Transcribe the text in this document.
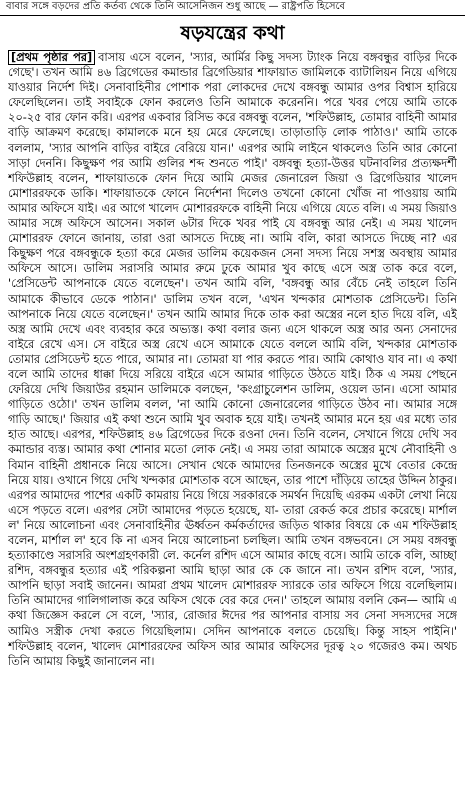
বাবার সঙ্গে বড়দের প্রতি কর্তব্য থেকে তিনি আসেনিজন শুধু আছে — রাষ্ট্রপতি হিসেবে
ষড়যন্ত্রের কথা

[প্রথম পৃষ্ঠার পর] বাসায় এসে বলেন, 'স্যার, আর্মির কিছু সদস্য ট্যাংক নিয়ে বঙ্গবন্ধুর বাড়ির দিকে গেছে'। তখন আমি ৪৬ ব্রিগেডের কমান্ডার ব্রিগেডিয়ার শাফায়াত জামিলকে ব্যাটালিয়ন নিয়ে এগিয়ে যাওয়ার নির্দেশ দিই। সেনাবাহিনীর পোশাক পরা লোকদের দেখে বঙ্গবন্ধু আমার ওপর বিশ্বাস হারিয়ে ফেলেছিলেন। তাই সবাইকে ফোন করলেও তিনি আমাকে করেননি। পরে খবর পেয়ে আমি তাকে ২০-২৫ বার ফোন করি। এরপর একবার রিসিভ করে বঙ্গবন্ধু বলেন, 'শফিউল্লাহ, তোমার বাহিনী আমার বাড়ি আক্রমণ করেছে। কামালকে মনে হয় মেরে ফেলেছে। তাড়াতাড়ি লোক পাঠাও।' আমি তাকে বললাম, 'স্যার আপনি বাড়ির বাইরে বেরিয়ে যান।' এরপর আমি লাইনে থাকলেও তিনি আর কোনো সাড়া দেননি। কিছুক্ষণ পর আমি গুলির শব্দ শুনতে পাই।' বঙ্গবন্ধু হত্যা-উত্তর ঘটনাবলির প্রত্যক্ষদর্শী শফিউল্লাহ বলেন, শাফায়াতকে ফোন দিয়ে আমি মেজর জেনারেল জিয়া ও ব্রিগেডিয়ার খালেদ মোশাররফকে ডাকি। শাফায়াতকে ফোনে নির্দেশনা দিলেও তখনো কোনো খোঁজ না পাওয়ায় আমি আমার অফিসে যাই। এর আগে খালেদ মোশাররফকে বাহিনী নিয়ে এগিয়ে যেতে বলি। এ সময় জিয়াও আমার সঙ্গে অফিসে আসেন। সকাল ৬টার দিকে খবর পাই যে বঙ্গবন্ধু আর নেই। এ সময় খালেদ মোশাররফ ফোনে জানায়, তারা ওরা আসতে দিচ্ছে না। আমি বলি, কারা আসতে দিচ্ছে না? এর কিছুক্ষণ পরে বঙ্গবন্ধুকে হত্যা করে মেজর ডালিম কয়েকজন সেনা সদস্য নিয়ে সশস্ত্র অবস্থায় আমার অফিসে আসে। ডালিম সরাসরি আমার রুমে ঢুকে আমার খুব কাছে এসে অস্ত্র তাক করে বলে, 'প্রেসিডেন্ট আপনাকে যেতে বলেছেন'। তখন আমি বলি, 'বঙ্গবন্ধু আর বেঁচে নেই তাহলে তিনি আমাকে কীভাবে ডেকে পাঠান।' ডালিম তখন বলে, 'এখন খন্দকার মোশতাক প্রেসিডেন্ট। তিনি আপনাকে নিয়ে যেতে বলেছেন।' তখন আমি আমার দিকে তাক করা অস্ত্রের নলে হাত দিয়ে বলি, এই অস্ত্র আমি দেখে এবং ব্যবহার করে অভ্যস্ত। কথা বলার জন্য এসে থাকলে অস্ত্র আর অন্য সেনাদের বাইরে রেখে এস। সে বাইরে অস্ত্র রেখে এসে আমাকে যেতে বললে আমি বলি, খন্দকার মোশতাক তোমার প্রেসিডেন্ট হতে পারে, আমার না। তোমরা যা পার করতে পার। আমি কোথাও যাব না। এ কথা বলে আমি তাদের ধাক্কা দিয়ে সরিয়ে বাইরে এসে আমার গাড়িতে উঠতে যাই। ঠিক এ সময় পেছনে ফেরিয়ে দেখি জিয়াউর রহমান ডালিমকে বলছেন, 'কংগ্রাচুলেশন ডালিম, ওয়েল ডান। এসো আমার গাড়িতে ওঠো।' তখন ডালিম বলল, 'না আমি কোনো জেনারেলের গাড়িতে উঠব না। আমার সঙ্গে গাড়ি আছে।' জিয়ার এই কথা শুনে আমি খুব অবাক হয়ে যাই। তখনই আমার মনে হয় এর মধ্যে তার হাত আছে। এরপর, শফিউল্লাহ ৪৬ ব্রিগেডের দিকে রওনা দেন। তিনি বলেন, সেখানে গিয়ে দেখি সব কমান্ডার ব্যস্ত। আমার কথা শোনার মতো লোক নেই। এ সময় তারা আমাকে অস্ত্রের মুখে নৌবাহিনী ও বিমান বাহিনী প্রধানকে নিয়ে আসে। সেখান থেকে আমাদের তিনজনকে অস্ত্রের মুখে বেতার কেন্দ্রে নিয়ে যায়। ওখানে গিয়ে দেখি খন্দকার মোশতাক বসে আছেন, তার পাশে দাঁড়িয়ে তাহের উদ্দিন ঠাকুর। এরপর আমাদের পাশের একটি কামরায় নিয়ে গিয়ে সরকারকে সমর্থন দিয়েছি এরকম একটা লেখা নিয়ে এসে পড়তে বলে। এরপর সেটা আমাদের পড়তে হয়েছে, যা- তারা রেকর্ড করে প্রচার করেছে। মার্শাল ল' নিয়ে আলোচনা এবং সেনাবাহিনীর ঊর্ধ্বতন কর্মকর্তাদের জড়িত থাকার বিষয়ে কে এম শফিউল্লাহ বলেন, মার্শাল ল' হবে কি না এসব নিয়ে আলোচনা চলছিল। আমি তখন বঙ্গভবনে। সে সময় বঙ্গবন্ধু হত্যাকাণ্ডে সরাসরি অংশগ্রহণকারী লে. কর্নেল রশিদ এসে আমার কাছে বসে। আমি তাকে বলি, আচ্ছা রশিদ, বঙ্গবন্ধুর হত্যার এই পরিকল্পনা আমি ছাড়া আর কে কে জানে না। তখন রশিদ বলে, 'স্যার, আপনি ছাড়া সবাই জানেন। আমরা প্রথম খালেদ মোশাররফ স্যারকে তার অফিসে গিয়ে বলেছিলাম। তিনি আমাদের গালিগালাজ করে অফিস থেকে বের করে দেন।' তাহলে আমায় বলনি কেন— আমি এ কথা জিজ্ঞেস করলে সে বলে, 'স্যার, রোজার ঈদের পর আপনার বাসায় সব সেনা সদস্যদের সঙ্গে আমিও সস্ত্রীক দেখা করতে গিয়েছিলাম। সেদিন আপনাকে বলতে চেয়েছি। কিন্তু সাহস পাইনি।' শফিউল্লাহ বলেন, খালেদ মোশাররফের অফিস আর আমার অফিসের দূরত্ব ২০ গজেরও কম। অথচ তিনি আমায় কিছুই জানালেন না।
